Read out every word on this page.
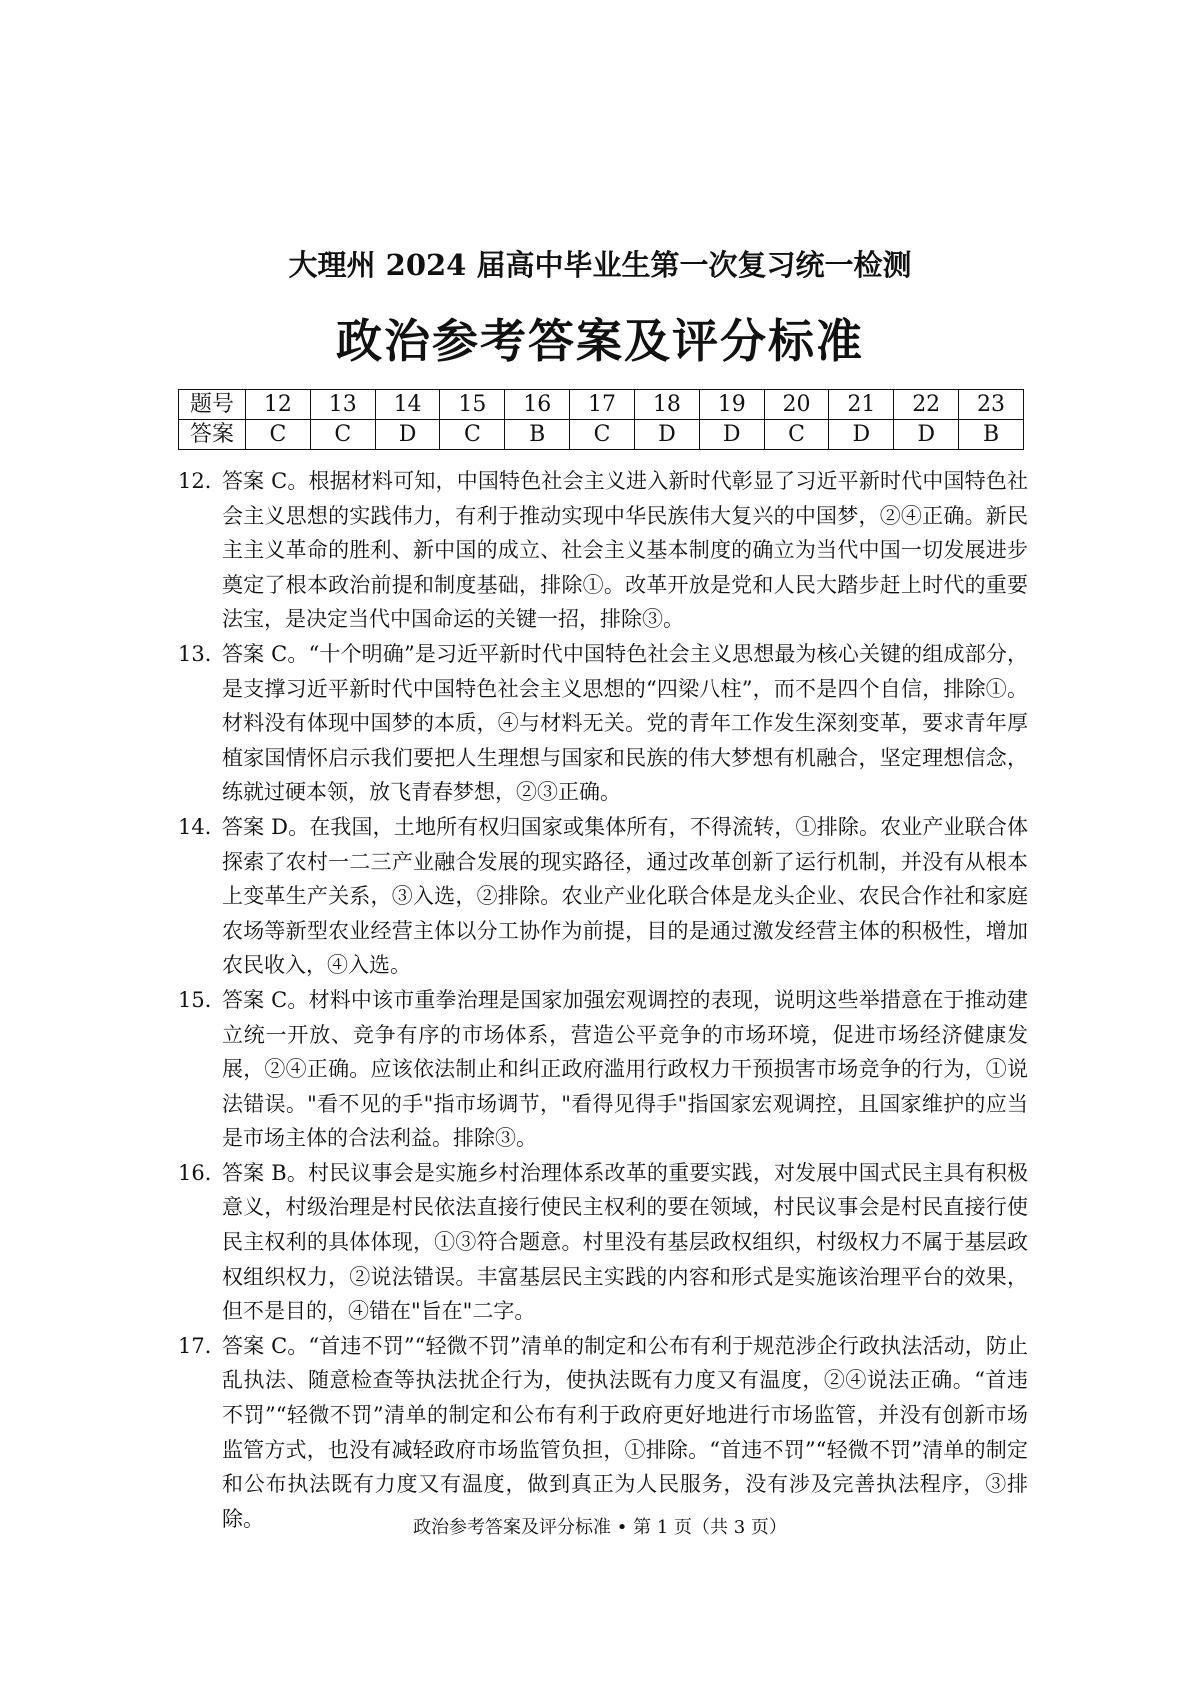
大理州 2024 届高中毕业生第一次复习统一检测
政治参考答案及评分标准
题号	12	13	14	15	16	17	18	19	20	21	22	23
答案	C	C	D	C	B	C	D	D	C	D	D	B
12．
答案 C。根据材料可知，中国特色社会主义进入新时代彰显了习近平新时代中国特色社会主义思想的实践伟力，有利于推动实现中华民族伟大复兴的中国梦，②④正确。新民主主义革命的胜利、新中国的成立、社会主义基本制度的确立为当代中国一切发展进步奠定了根本政治前提和制度基础，排除①。改革开放是党和人民大踏步赶上时代的重要法宝，是决定当代中国命运的关键一招，排除③。
13．
答案 C。“十个明确”是习近平新时代中国特色社会主义思想最为核心关键的组成部分，是支撑习近平新时代中国特色社会主义思想的“四梁八柱”，而不是四个自信，排除①。材料没有体现中国梦的本质，④与材料无关。党的青年工作发生深刻变革，要求青年厚植家国情怀启示我们要把人生理想与国家和民族的伟大梦想有机融合，坚定理想信念，练就过硬本领，放飞青春梦想，②③正确。
14．
答案 D。在我国，土地所有权归国家或集体所有，不得流转，①排除。农业产业联合体探索了农村一二三产业融合发展的现实路径，通过改革创新了运行机制，并没有从根本上变革生产关系，③入选，②排除。农业产业化联合体是龙头企业、农民合作社和家庭农场等新型农业经营主体以分工协作为前提，目的是通过激发经营主体的积极性，增加农民收入，④入选。
15．
答案 C。材料中该市重拳治理是国家加强宏观调控的表现，说明这些举措意在于推动建立统一开放、竞争有序的市场体系，营造公平竞争的市场环境，促进市场经济健康发展，②④正确。应该依法制止和纠正政府滥用行政权力干预损害市场竞争的行为，①说法错误。"看不见的手"指市场调节，"看得见得手"指国家宏观调控，且国家维护的应当是市场主体的合法利益。排除③。
16．
答案 B。村民议事会是实施乡村治理体系改革的重要实践，对发展中国式民主具有积极意义，村级治理是村民依法直接行使民主权利的要在领域，村民议事会是村民直接行使民主权利的具体体现，①③符合题意。村里没有基层政权组织，村级权力不属于基层政权组织权力，②说法错误。丰富基层民主实践的内容和形式是实施该治理平台的效果，但不是目的，④错在"旨在"二字。
17．
答案 C。“首违不罚”“轻微不罚”清单的制定和公布有利于规范涉企行政执法活动，防止乱执法、随意检查等执法扰企行为，使执法既有力度又有温度，②④说法正确。“首违不罚”“轻微不罚”清单的制定和公布有利于政府更好地进行市场监管，并没有创新市场监管方式，也没有减轻政府市场监管负担，①排除。“首违不罚”“轻微不罚”清单的制定和公布执法既有力度又有温度，做到真正为人民服务，没有涉及完善执法程序，③排除。	政治参考答案及评分标准 • 第 1 页（共 3 页）
